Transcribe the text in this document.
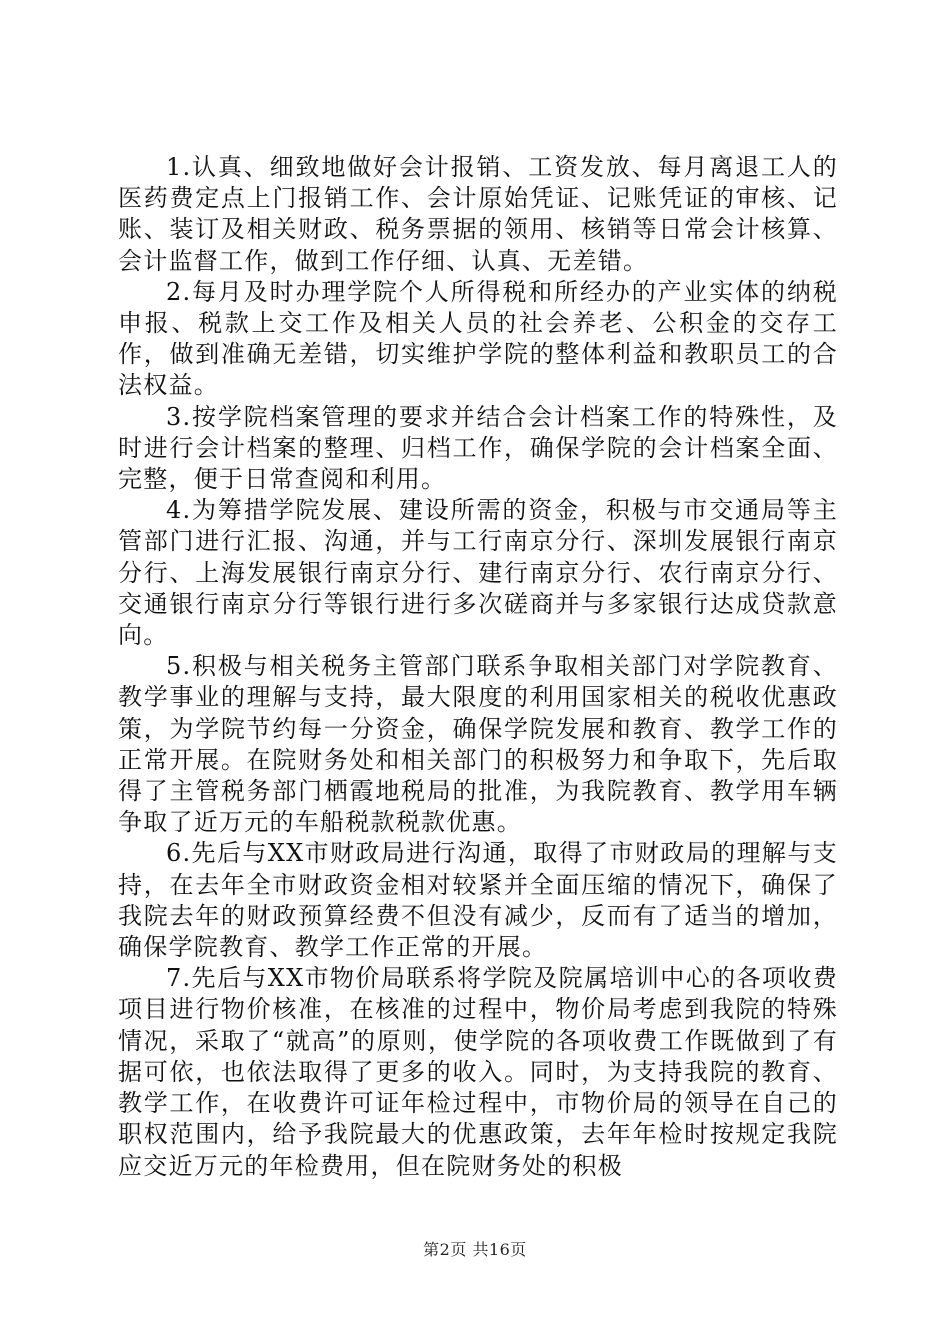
1.认真、细致地做好会计报销、工资发放、每月离退工人的医药费定点上门报销工作、会计原始凭证、记账凭证的审核、记账、装订及相关财政、税务票据的领用、核销等日常会计核算、会计监督工作，做到工作仔细、认真、无差错。

2.每月及时办理学院个人所得税和所经办的产业实体的纳税申报、税款上交工作及相关人员的社会养老、公积金的交存工作，做到准确无差错，切实维护学院的整体利益和教职员工的合法权益。

3.按学院档案管理的要求并结合会计档案工作的特殊性，及时进行会计档案的整理、归档工作，确保学院的会计档案全面、完整，便于日常查阅和利用。

4.为筹措学院发展、建设所需的资金，积极与市交通局等主管部门进行汇报、沟通，并与工行南京分行、深圳发展银行南京分行、上海发展银行南京分行、建行南京分行、农行南京分行、交通银行南京分行等银行进行多次磋商并与多家银行达成贷款意向。

5.积极与相关税务主管部门联系争取相关部门对学院教育、教学事业的理解与支持，最大限度的利用国家相关的税收优惠政策，为学院节约每一分资金，确保学院发展和教育、教学工作的正常开展。在院财务处和相关部门的积极努力和争取下，先后取得了主管税务部门栖霞地税局的批准，为我院教育、教学用车辆争取了近万元的车船税款税款优惠。

6.先后与XX市财政局进行沟通，取得了市财政局的理解与支持，在去年全市财政资金相对较紧并全面压缩的情况下，确保了我院去年的财政预算经费不但没有减少，反而有了适当的增加，确保学院教育、教学工作正常的开展。

7.先后与XX市物价局联系将学院及院属培训中心的各项收费项目进行物价核准，在核准的过程中，物价局考虑到我院的特殊情况，采取了“就高”的原则，使学院的各项收费工作既做到了有据可依，也依法取得了更多的收入。同时，为支持我院的教育、教学工作，在收费许可证年检过程中，市物价局的领导在自己的职权范围内，给予我院最大的优惠政策，去年年检时按规定我院应交近万元的年检费用，但在院财务处的积极

第2页 共16页
